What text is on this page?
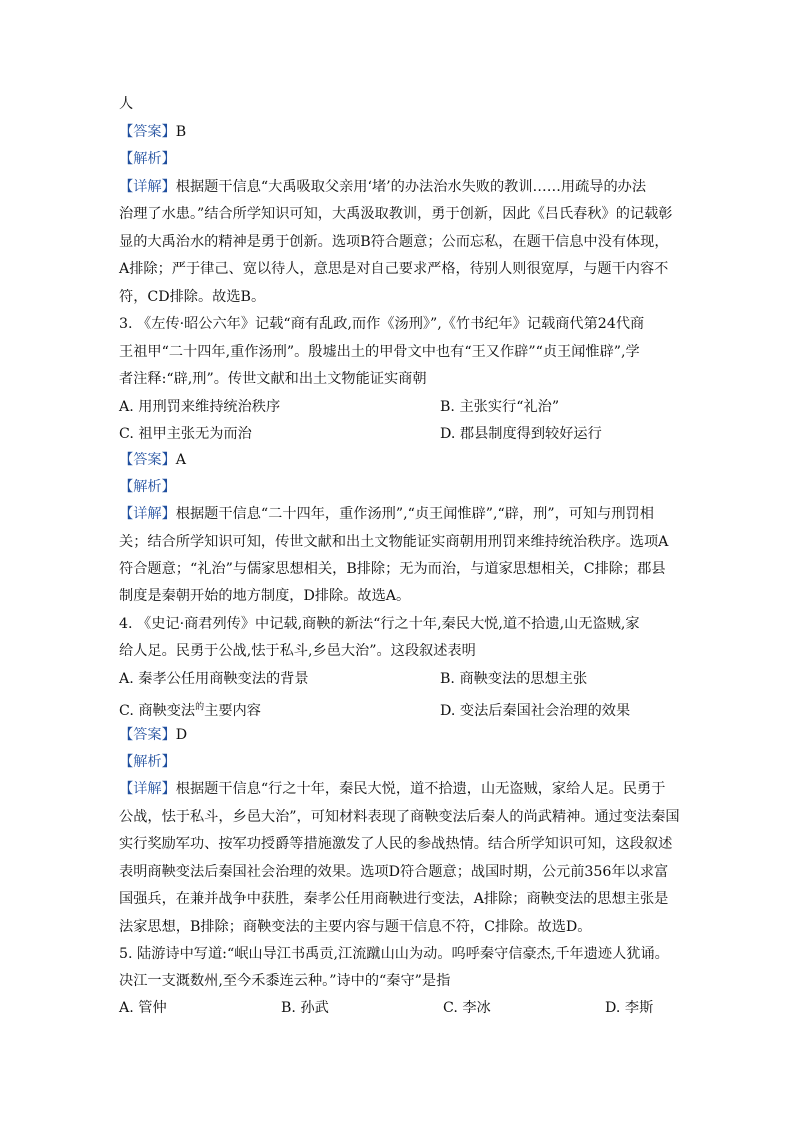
人
【答案】B
【解析】
【详解】根据题干信息“大禹吸取父亲用‘堵’的办法治水失败的教训……用疏导的办法
治理了水患。”结合所学知识可知，大禹汲取教训，勇于创新，因此《吕氏春秋》的记载彰
显的大禹治水的精神是勇于创新。选项B符合题意；公而忘私，在题干信息中没有体现，
A排除；严于律己、宽以待人，意思是对自己要求严格，待别人则很宽厚，与题干内容不
符，CD排除。故选B。
3. 《左传·昭公六年》记载“商有乱政,而作《汤刑》”,《竹书纪年》记载商代第24代商
王祖甲“二十四年,重作汤刑”。殷墟出土的甲骨文中也有“王又作辟”“贞王闻惟辟”,学
者注释:“辟,刑”。传世文献和出土文物能证实商朝
A. 用刑罚来维持统治秩序	B. 主张实行“礼治”
C. 祖甲主张无为而治	D. 郡县制度得到较好运行
【答案】A
【解析】
【详解】根据题干信息“二十四年，重作汤刑”,“贞王闻惟辟”,“辟，刑”，可知与刑罚相
关；结合所学知识可知，传世文献和出土文物能证实商朝用刑罚来维持统治秩序。选项A
符合题意；“礼治”与儒家思想相关，B排除；无为而治，与道家思想相关，C排除；郡县
制度是秦朝开始的地方制度，D排除。故选A。
4. 《史记·商君列传》中记载,商鞅的新法“行之十年,秦民大悦,道不拾遗,山无盗贼,家
给人足。民勇于公战,怯于私斗,乡邑大治”。这段叙述表明
A. 秦孝公任用商鞅变法的背景	B. 商鞅变法的思想主张
C. 商鞅变法$^的$主要内容	D. 变法后秦国社会治理的效果
【答案】D
【解析】
【详解】根据题干信息“行之十年，秦民大悦，道不拾遗，山无盗贼，家给人足。民勇于
公战，怯于私斗，乡邑大治”，可知材料表现了商鞅变法后秦人的尚武精神。通过变法秦国
实行奖励军功、按军功授爵等措施激发了人民的参战热情。结合所学知识可知，这段叙述
表明商鞅变法后秦国社会治理的效果。选项D符合题意；战国时期，公元前356年以求富
国强兵，在兼并战争中获胜，秦孝公任用商鞅进行变法，A排除；商鞅变法的思想主张是
法家思想，B排除；商鞅变法的主要内容与题干信息不符，C排除。故选D。
5. 陆游诗中写道:“岷山导江书禹贡,江流蹴山山为动。呜呼秦守信豪杰,千年遗迹人犹诵。
决江一支溉数州,至今禾黍连云种。”诗中的“秦守”是指
A. 管仲	B. 孙武	C. 李冰	D. 李斯
